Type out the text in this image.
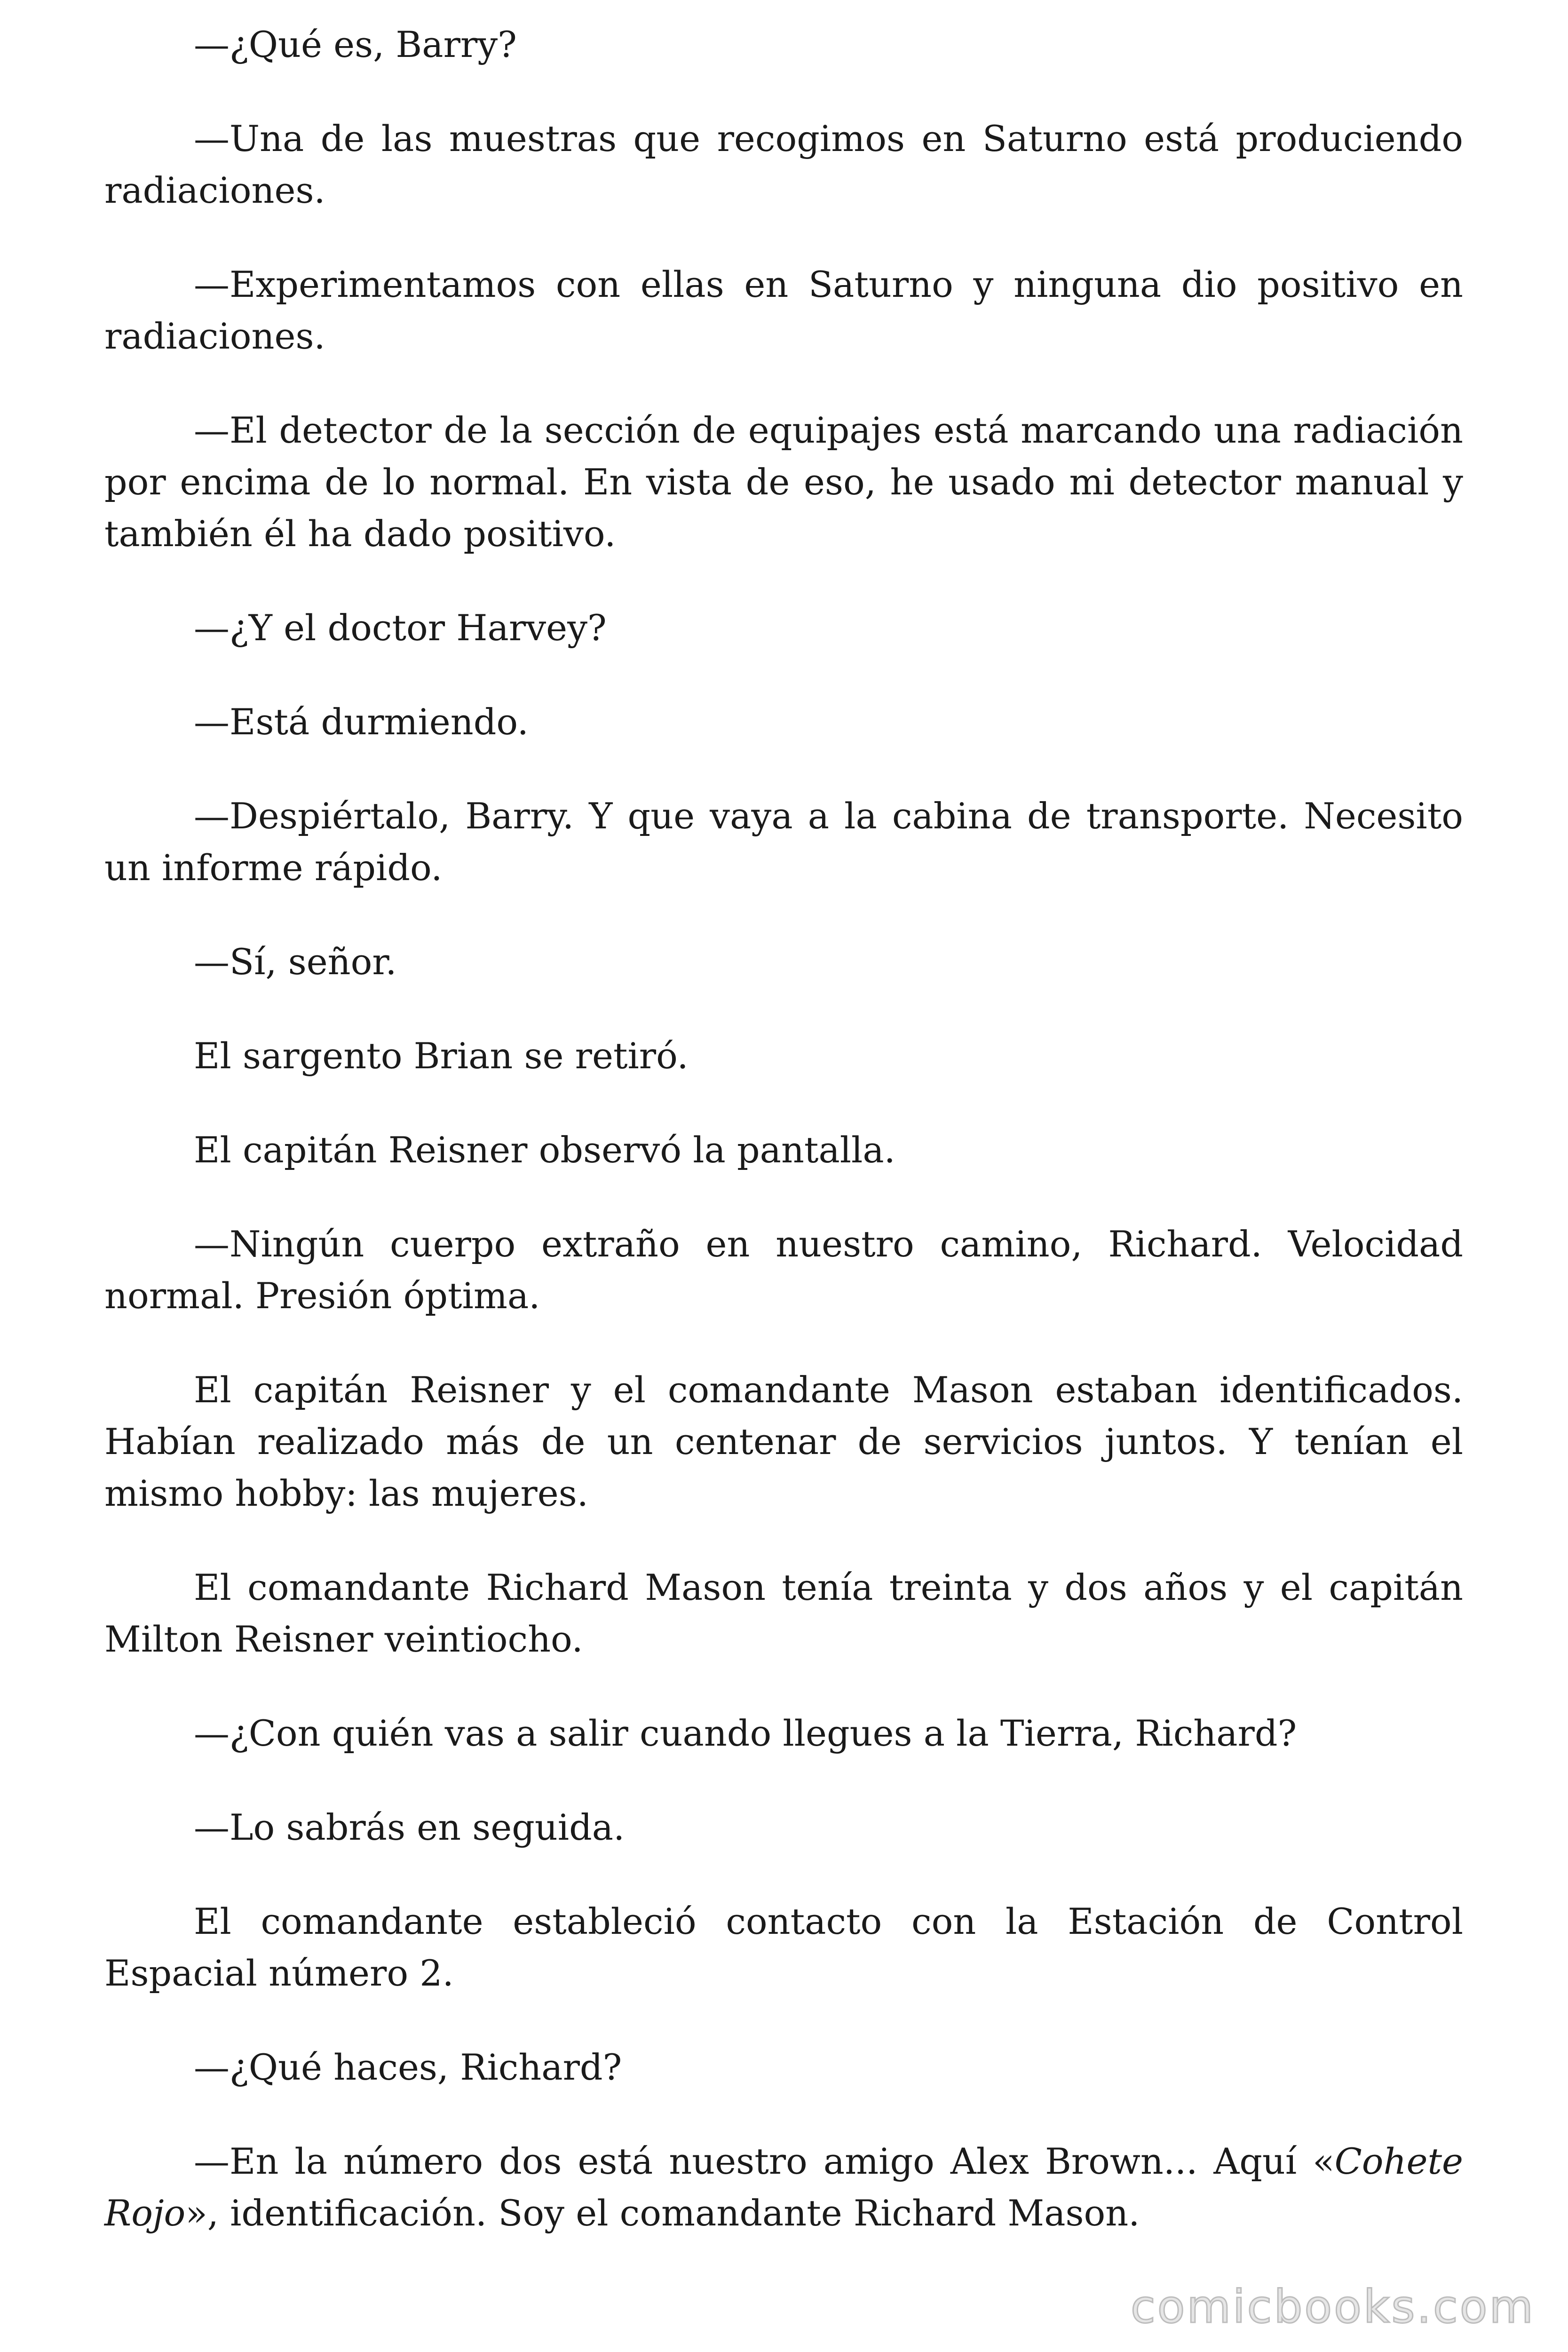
—¿Qué es, Barry?

—Una de las muestras que recogimos en Saturno está produciendo radiaciones.

—Experimentamos con ellas en Saturno y ninguna dio positivo en radiaciones.

—El detector de la sección de equipajes está marcando una radiación por encima de lo normal. En vista de eso, he usado mi detector manual y también él ha dado positivo.

—¿Y el doctor Harvey?

—Está durmiendo.

—Despiértalo, Barry. Y que vaya a la cabina de transporte. Necesito un informe rápido.

—Sí, señor.

El sargento Brian se retiró.

El capitán Reisner observó la pantalla.

—Ningún cuerpo extraño en nuestro camino, Richard. Velocidad normal. Presión óptima.

El capitán Reisner y el comandante Mason estaban identificados. Habían realizado más de un centenar de servicios juntos. Y tenían el mismo hobby: las mujeres.

El comandante Richard Mason tenía treinta y dos años y el capitán Milton Reisner veintiocho.

—¿Con quién vas a salir cuando llegues a la Tierra, Richard?

—Lo sabrás en seguida.

El comandante estableció contacto con la Estación de Control Espacial número 2.

—¿Qué haces, Richard?

—En la número dos está nuestro amigo Alex Brown... Aquí «Cohete Rojo», identificación. Soy el comandante Richard Mason.

comicbooks.com
